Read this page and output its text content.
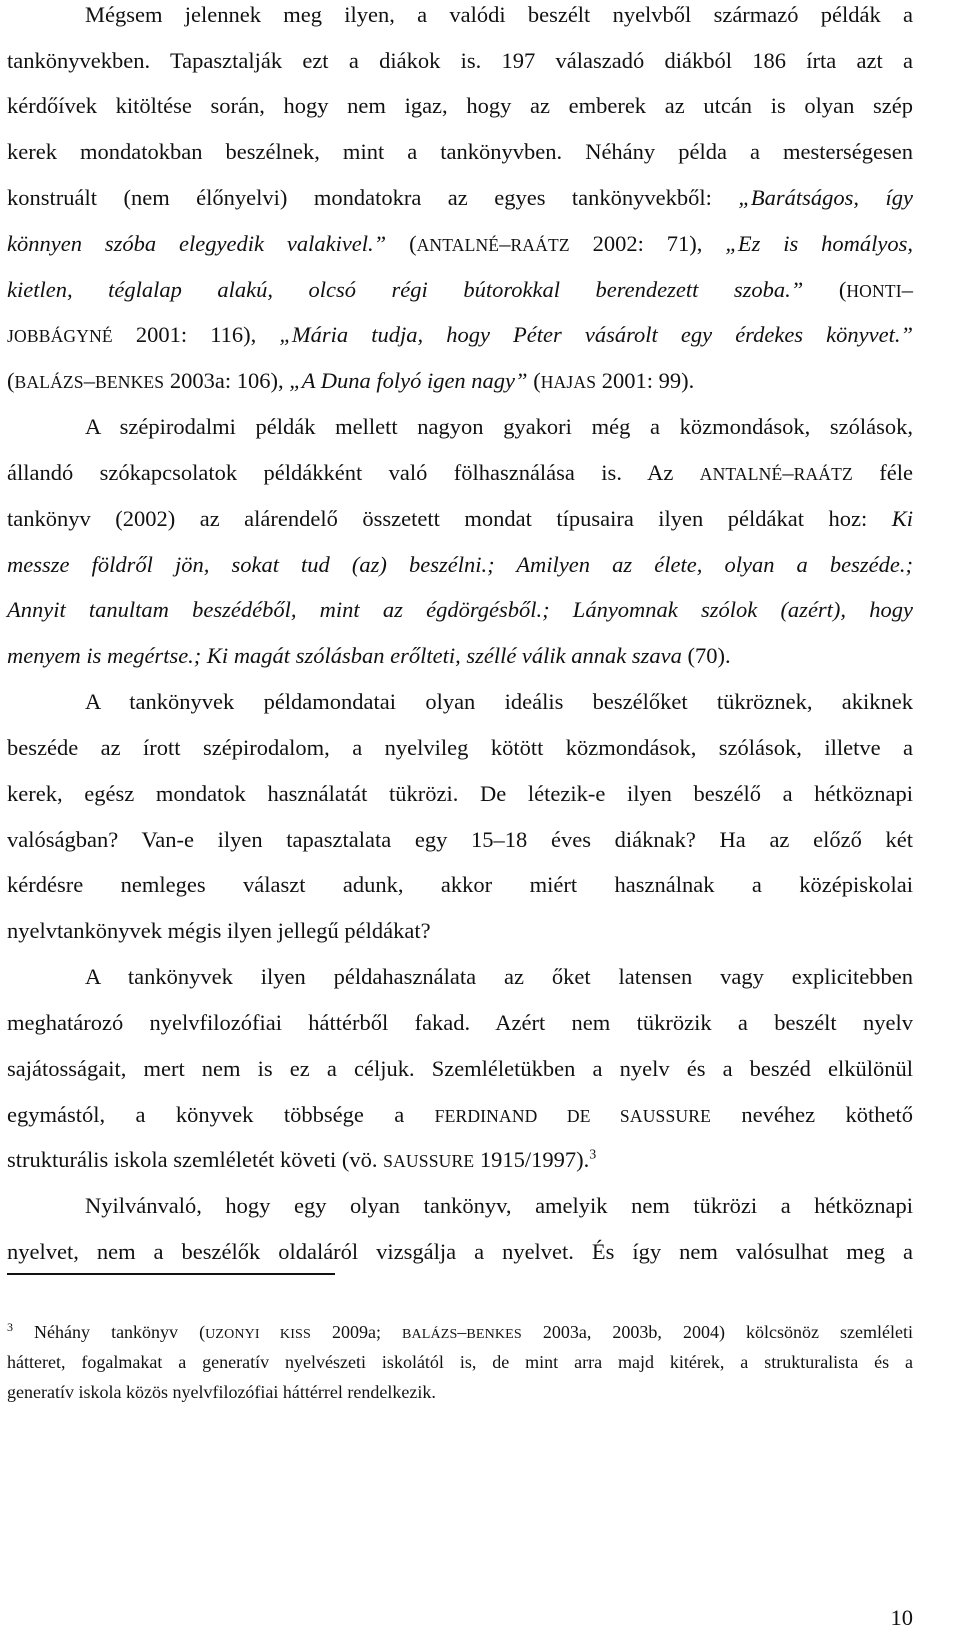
Mégsem jelennek meg ilyen, a valódi beszélt nyelvből származó példák a
tankönyvekben. Tapasztalják ezt a diákok is. 197 válaszadó diákból 186 írta azt a
kérdőívek kitöltése során, hogy nem igaz, hogy az emberek az utcán is olyan szép
kerek mondatokban beszélnek, mint a tankönyvben. Néhány példa a mesterségesen
konstruált (nem élőnyelvi) mondatokra az egyes tankönyvekből: „Barátságos, így
könnyen szóba elegyedik valakivel.” (ANTALNÉ–RAÁTZ 2002: 71), „Ez is homályos,
kietlen, téglalap alakú, olcsó régi bútorokkal berendezett szoba.” (HONTI–
JOBBÁGYNÉ 2001: 116), „Mária tudja, hogy Péter vásárolt egy érdekes könyvet.”
(BALÁZS–BENKES 2003a: 106), „A Duna folyó igen nagy” (HAJAS 2001: 99).
A szépirodalmi példák mellett nagyon gyakori még a közmondások, szólások,
állandó szókapcsolatok példákként való fölhasználása is. Az ANTALNÉ–RAÁTZ féle
tankönyv (2002) az alárendelő összetett mondat típusaira ilyen példákat hoz: Ki
messze földről jön, sokat tud (az) beszélni.; Amilyen az élete, olyan a beszéde.;
Annyit tanultam beszédéből, mint az égdörgésből.; Lányomnak szólok (azért), hogy
menyem is megértse.; Ki magát szólásban erőlteti, széllé válik annak szava (70).
A tankönyvek példamondatai olyan ideális beszélőket tükröznek, akiknek
beszéde az írott szépirodalom, a nyelvileg kötött közmondások, szólások, illetve a
kerek, egész mondatok használatát tükrözi. De létezik-e ilyen beszélő a hétköznapi
valóságban? Van-e ilyen tapasztalata egy 15–18 éves diáknak? Ha az előző két
kérdésre nemleges választ adunk, akkor miért használnak a középiskolai
nyelvtankönyvek mégis ilyen jellegű példákat?
A tankönyvek ilyen példahasználata az őket latensen vagy explicitebben
meghatározó nyelvfilozófiai háttérből fakad. Azért nem tükrözik a beszélt nyelv
sajátosságait, mert nem is ez a céljuk. Szemléletükben a nyelv és a beszéd elkülönül
egymástól, a könyvek többsége a FERDINAND DE SAUSSURE nevéhez köthető
strukturális iskola szemléletét követi (vö. SAUSSURE 1915/1997).$^3$
Nyilvánvaló, hogy egy olyan tankönyv, amelyik nem tükrözi a hétköznapi
nyelvet, nem a beszélők oldaláról vizsgálja a nyelvet. És így nem valósulhat meg a
$^3$ Néhány tankönyv (UZONYI KISS 2009a; BALÁZS–BENKES 2003a, 2003b, 2004) kölcsönöz szemléleti
hátteret, fogalmakat a generatív nyelvészeti iskolától is, de mint arra majd kitérek, a strukturalista és a
generatív iskola közös nyelvfilozófiai háttérrel rendelkezik.
10
